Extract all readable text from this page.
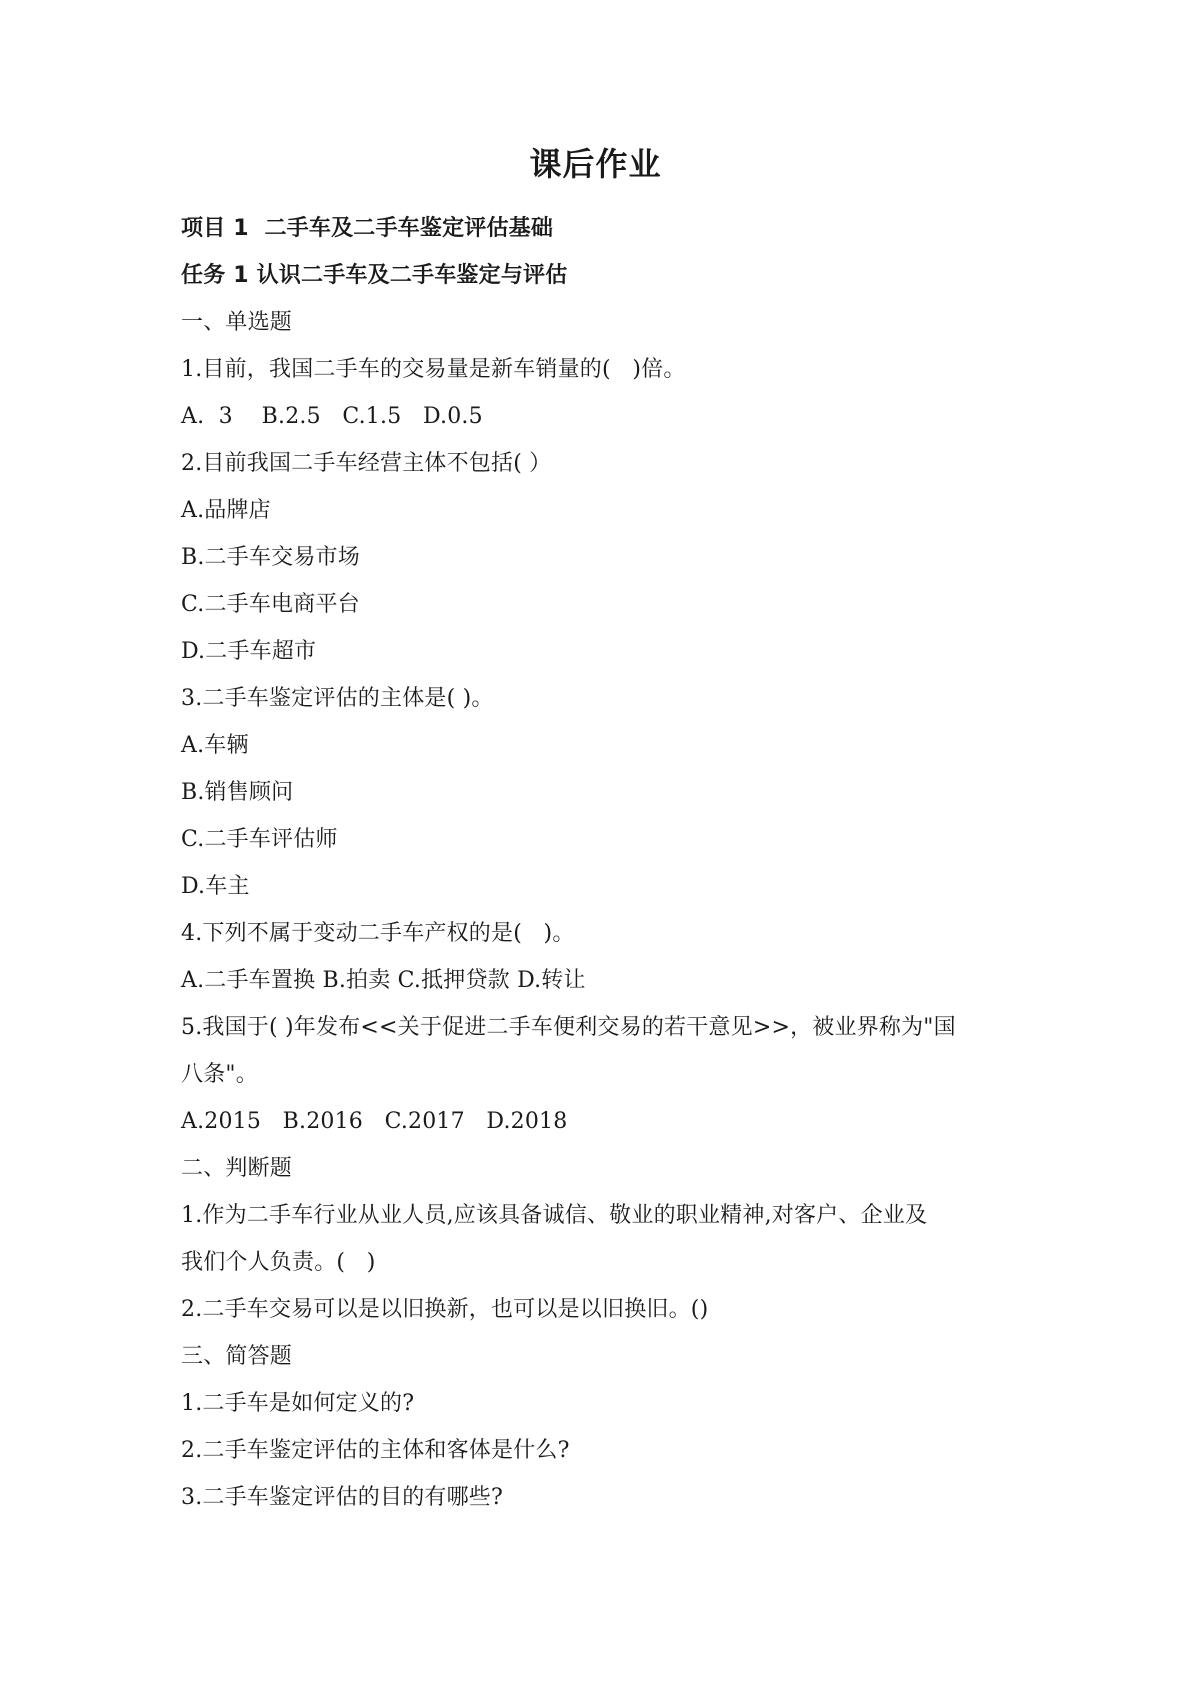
课后作业
项目 1  二手车及二手车鉴定评估基础
任务 1 认识二手车及二手车鉴定与评估
一、单选题
1.目前，我国二手车的交易量是新车销量的(   )倍。
A.  3    B.2.5   C.1.5   D.0.5
2.目前我国二手车经营主体不包括( ）
A.品牌店
B.二手车交易市场
C.二手车电商平台
D.二手车超市
3.二手车鉴定评估的主体是( )。
A.车辆
B.销售顾问
C.二手车评估师
D.车主
4.下列不属于变动二手车产权的是(   )。
A.二手车置换 B.拍卖 C.抵押贷款 D.转让
5.我国于( )年发布<<关于促进二手车便利交易的若干意见>>，被业界称为"国
八条"。
A.2015   B.2016   C.2017   D.2018
二、判断题
1.作为二手车行业从业人员,应该具备诚信、敬业的职业精神,对客户、企业及
我们个人负责。(   )
2.二手车交易可以是以旧换新，也可以是以旧换旧。()
三、简答题
1.二手车是如何定义的?
2.二手车鉴定评估的主体和客体是什么?
3.二手车鉴定评估的目的有哪些?
